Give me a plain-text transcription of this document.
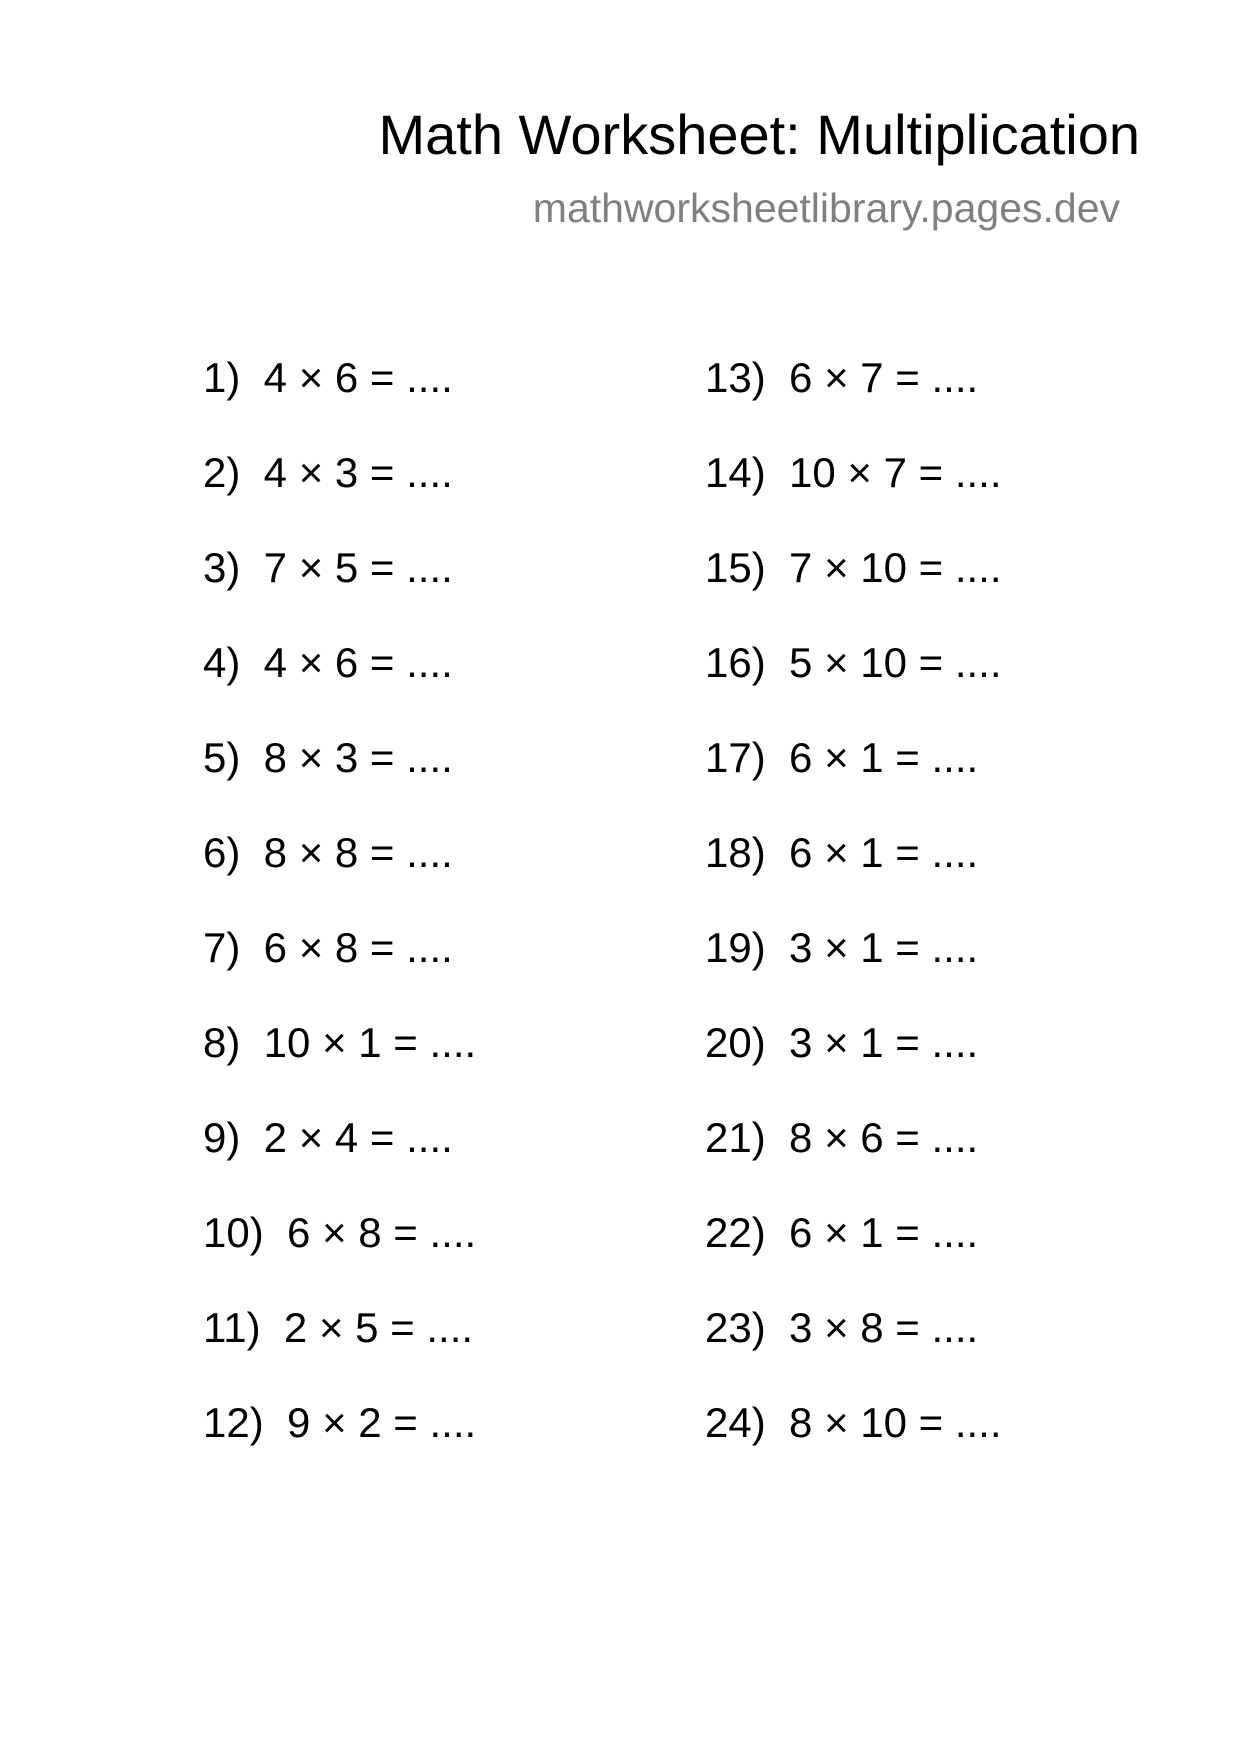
Math Worksheet: Multiplication
mathworksheetlibrary.pages.dev
1)  4 × 6 = ....
2)  4 × 3 = ....
3)  7 × 5 = ....
4)  4 × 6 = ....
5)  8 × 3 = ....
6)  8 × 8 = ....
7)  6 × 8 = ....
8)  10 × 1 = ....
9)  2 × 4 = ....
10)  6 × 8 = ....
11)  2 × 5 = ....
12)  9 × 2 = ....
13)  6 × 7 = ....
14)  10 × 7 = ....
15)  7 × 10 = ....
16)  5 × 10 = ....
17)  6 × 1 = ....
18)  6 × 1 = ....
19)  3 × 1 = ....
20)  3 × 1 = ....
21)  8 × 6 = ....
22)  6 × 1 = ....
23)  3 × 8 = ....
24)  8 × 10 = ....
